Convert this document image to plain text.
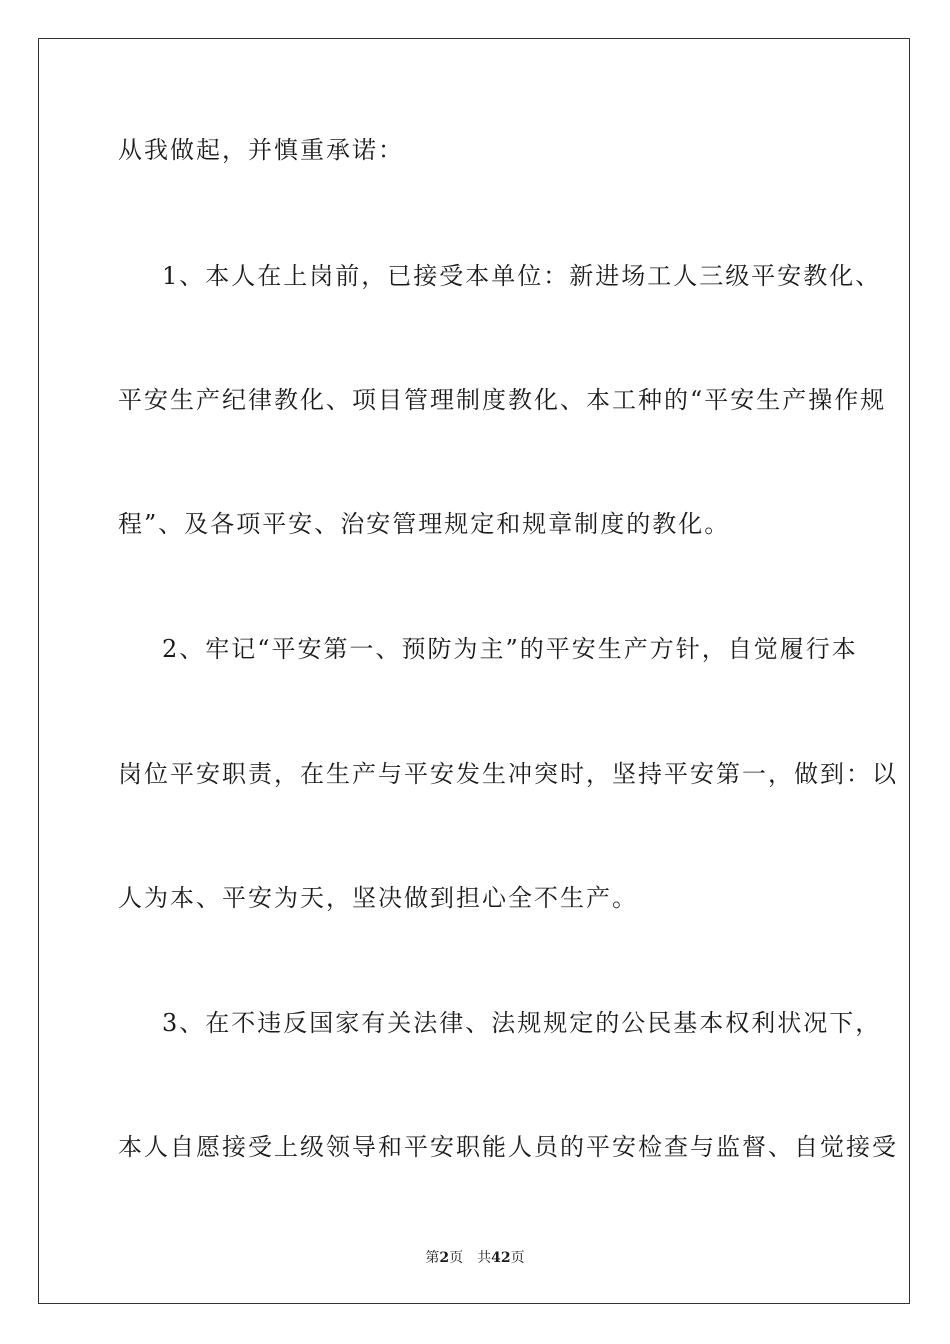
从我做起，并慎重承诺：
1、本人在上岗前，已接受本单位：新进场工人三级平安教化、
平安生产纪律教化、项目管理制度教化、本工种的“平安生产操作规
程”、及各项平安、治安管理规定和规章制度的教化。
2、牢记“平安第一、预防为主”的平安生产方针，自觉履行本
岗位平安职责，在生产与平安发生冲突时，坚持平安第一，做到：以
人为本、平安为天，坚决做到担心全不生产。
3、在不违反国家有关法律、法规规定的公民基本权利状况下，
本人自愿接受上级领导和平安职能人员的平安检查与监督、自觉接受
第2页 共42页
